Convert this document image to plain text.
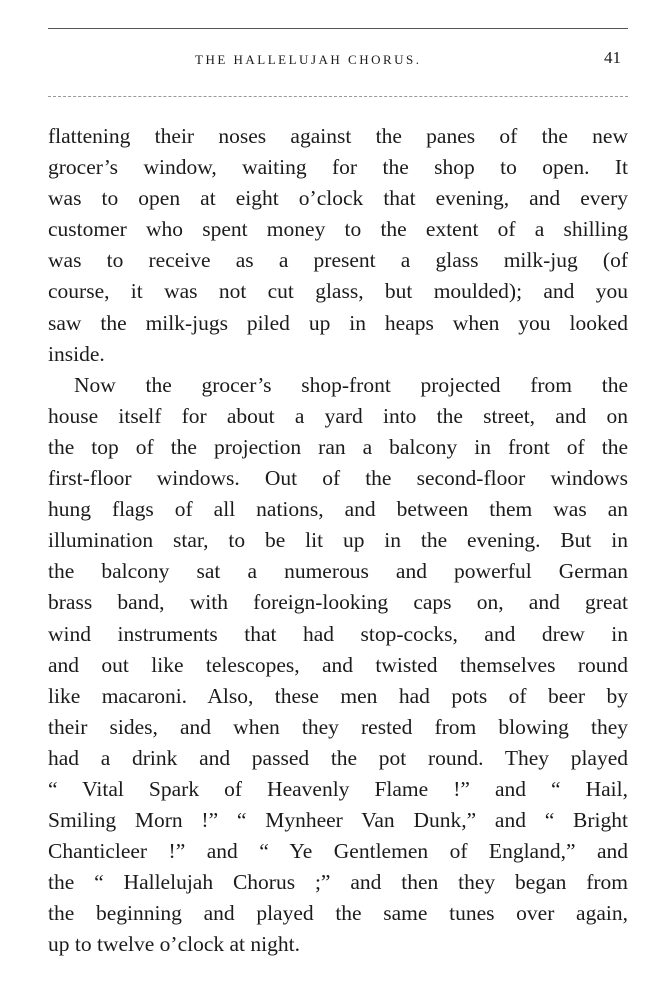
THE HALLELUJAH CHORUS.	41
flattening their noses against the panes of the new
grocer’s window, waiting for the shop to open. It
was to open at eight o’clock that evening, and every
customer who spent money to the extent of a shilling
was to receive as a present a glass milk-jug (of
course, it was not cut glass, but moulded); and you
saw the milk-jugs piled up in heaps when you looked
inside.
Now the grocer’s shop-front projected from the
house itself for about a yard into the street, and on
the top of the projection ran a balcony in front of the
first-floor windows. Out of the second-floor windows
hung flags of all nations, and between them was an
illumination star, to be lit up in the evening. But in
the balcony sat a numerous and powerful German
brass band, with foreign-looking caps on, and great
wind instruments that had stop-cocks, and drew in
and out like telescopes, and twisted themselves round
like macaroni. Also, these men had pots of beer by
their sides, and when they rested from blowing they
had a drink and passed the pot round. They played
“ Vital Spark of Heavenly Flame !” and “ Hail,
Smiling Morn !” “ Mynheer Van Dunk,” and “ Bright
Chanticleer !” and “ Ye Gentlemen of England,” and
the “ Hallelujah Chorus ;” and then they began from
the beginning and played the same tunes over again,
up to twelve o’clock at night.
